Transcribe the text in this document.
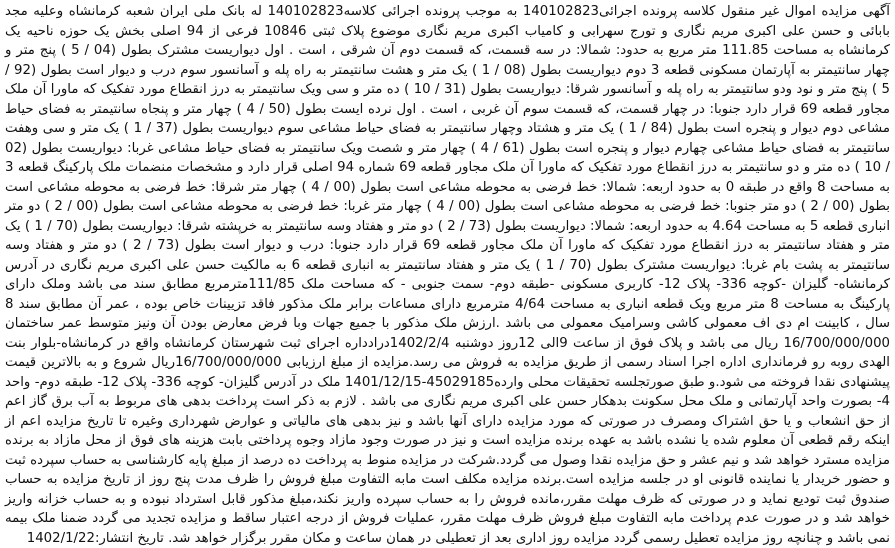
آگهی مزایده اموال غیر منقول کلاسه پرونده اجرائی140102823 به موجب پرونده اجرائی کلاسه140102823 له بانک ملی ایران شعبه کرمانشاه وعلیه مجد بابائی و حسن علی اکبری مریم نگاری و تورج سهرابی و کامیاب اکبری مریم نگاری موضوع پلاک ثبتی 10846 فرعی از 94 اصلی بخش یک حوزه ناحیه یک کرمانشاه به مساحت 111.85 متر مربع به حدود: شمالا: در سه قسمت، که قسمت دوم آن شرقی ، است . اول دیواریست مشترک بطول (04 / 5 ) پنج متر و چهار سانتیمتر به آپارتمان مسکونی قطعه 3 دوم دیواریست بطول (08 / 1 ) یک متر و هشت سانتیمتر به راه پله و آسانسور سوم درب و دیوار است بطول (92 / 5 ) پنج متر و نود ودو سانتیمتر به راه پله و آسانسور شرقا: دیواریست بطول (31 / 10 ) ده متر و سی ویک سانتیمتر به درز انقطاع مورد تفکیک که ماورا آن ملک مجاور قطعه 69 قرار دارد جنوبا: در چهار قسمت، که قسمت سوم آن غربی ، است . اول نرده ایست بطول (50 / 4 ) چهار متر و پنجاه سانتیمتر به فضای حیاط مشاعی دوم دیوار و پنجره است بطول (84 / 1 ) یک متر و هشتاد وچهار سانتیمتر به فضای حیاط مشاعی سوم دیواریست بطول (37 / 1 ) یک متر و سی وهفت سانتیمتر به فضای حیاط مشاعی چهارم دیوار و پنجره است بطول (61 / 4 ) چهار متر و شصت ویک سانتیمتر به فضای حیاط مشاعی غربا: دیواریست بطول (02 / 10 ) ده متر و دو سانتیمتر به درز انقطاع مورد تفکیک که ماورا آن ملک مجاور قطعه 69 شماره 94 اصلی قرار دارد و مشخصات منضمات ملک پارکینگ قطعه 3 به مساحت 8 واقع در طبقه 0 به حدود اربعه: شمالا: خط فرضی به محوطه مشاعی است بطول (00 / 4 ) چهار متر شرقا: خط فرضی به محوطه مشاعی است بطول (00 / 2 ) دو متر جنوبا: خط فرضی به محوطه مشاعی است بطول (00 / 4 ) چهار متر غربا: خط فرضی به محوطه مشاعی است بطول (00 / 2 ) دو متر انباری قطعه 5 به مساحت 4.64 به حدود اربعه: شمالا: دیواریست بطول (73 / 2 ) دو متر و هفتاد وسه سانتیمتر به خرپشته شرقا: دیواریست بطول (70 / 1 ) یک متر و هفتاد سانتیمتر به درز انقطاع مورد تفکیک که ماورا آن ملک مجاور قطعه 69 قرار دارد جنوبا: درب و دیوار است بطول (73 / 2 ) دو متر و هفتاد وسه سانتیمتر به پشت بام غربا: دیواریست مشترک بطول (70 / 1 ) یک متر و هفتاد سانتیمتر به انباری قطعه 6 به مالکیت حسن علی اکبری مریم نگاری در آدرس کرمانشاه- گلیزان -کوچه 336- پلاک 12- کاربری مسکونی -طبقه دوم- سمت جنوبی - که مساحت ملک 111/85مترمربع مطابق سند می باشد وملک دارای پارکینگ به مساحت 8 متر مربع ویک قطعه انباری به مساحت 4/64 مترمربع دارای مساعات برابر ملک مذکور فاقد تزیینات خاص بوده ، عمر آن مطابق سند 8 سال ، کابینت ام دی اف معمولی کاشی وسرامیک معمولی می باشد .ارزش ملک مذکور با جمیع جهات وبا فرض معارض بودن آن ونیز متوسط عمر ساختمان 16/700/000/000 ریال می باشد و پلاک فوق از ساعت 9الی 12روز دوشنبه 1402/2/4درادداره اجرای ثبت شهرستان کرمانشاه واقع در کرمانشاه-بلوار بنت الهدی روبه رو فرمانداری اداره اجرا اسناد رسمی از طریق مزایده به فروش می رسد.مزایده از مبلغ ارزیابی 16/700/000/000ریال شروع و به بالاترین قیمت پیشنهادی نقدا فروخته می شود.و طبق صورتجلسه تحقیقات محلی وارده45029185-1401/12/15 ملک در آدرس گلیزان- کوچه 336- پلاک 12- طبقه دوم- واحد 4- بصورت واحد آپارتمانی و ملک محل سکونت بدهکار حسن علی اکبری مریم نگاری می باشد . لازم به ذکر است پرداخت بدهی های مربوط به آب برق گاز اعم از حق انشعاب و یا حق اشتراک ومصرف در صورتی که مورد مزایده دارای آنها باشد و نیز بدهی های مالیاتی و عوارض شهرداری وغیره تا تاریخ مزایده اعم از اینکه رقم قطعی آن معلوم شده یا نشده باشد به عهده برنده مزایده است و نیز در صورت وجود مازاد وجوه پرداختی بابت هزینه های فوق از محل مازاد به برنده مزایده مسترد خواهد شد و نیم عشر و حق مزایده نقدا وصول می گردد.شرکت در مزایده منوط به پرداخت ده درصد از مبلغ پایه کارشناسی به حساب سپرده ثبت و حضور خریدار یا نماینده قانونی او در جلسه مزایده است.برنده مزایده مکلف است مابه التفاوت مبلغ فروش را ظرف مدت پنج روز از تاریخ مزایده به حساب صندوق ثبت تودیع نماید و در صورتی که ظرف مهلت مقرر،مانده فروش را به حساب سپرده واریز نکند،مبلغ مذکور قابل استرداد نبوده و به حساب خزانه واریز خواهد شد و در صورت عدم پرداخت مابه التفاوت مبلغ فروش ظرف مهلت مقرر، عملیات فروش از درجه اعتبار ساقط و مزایده تجدید می گردد ضمنا ملک بیمه نمی باشد و چنانچه روز مزایده تعطیل رسمی گردد مزایده روز اداری بعد از تعطیلی در همان ساعت و مکان مقرر برگزار خواهد شد. تاریخ انتشار:1402/1/22
